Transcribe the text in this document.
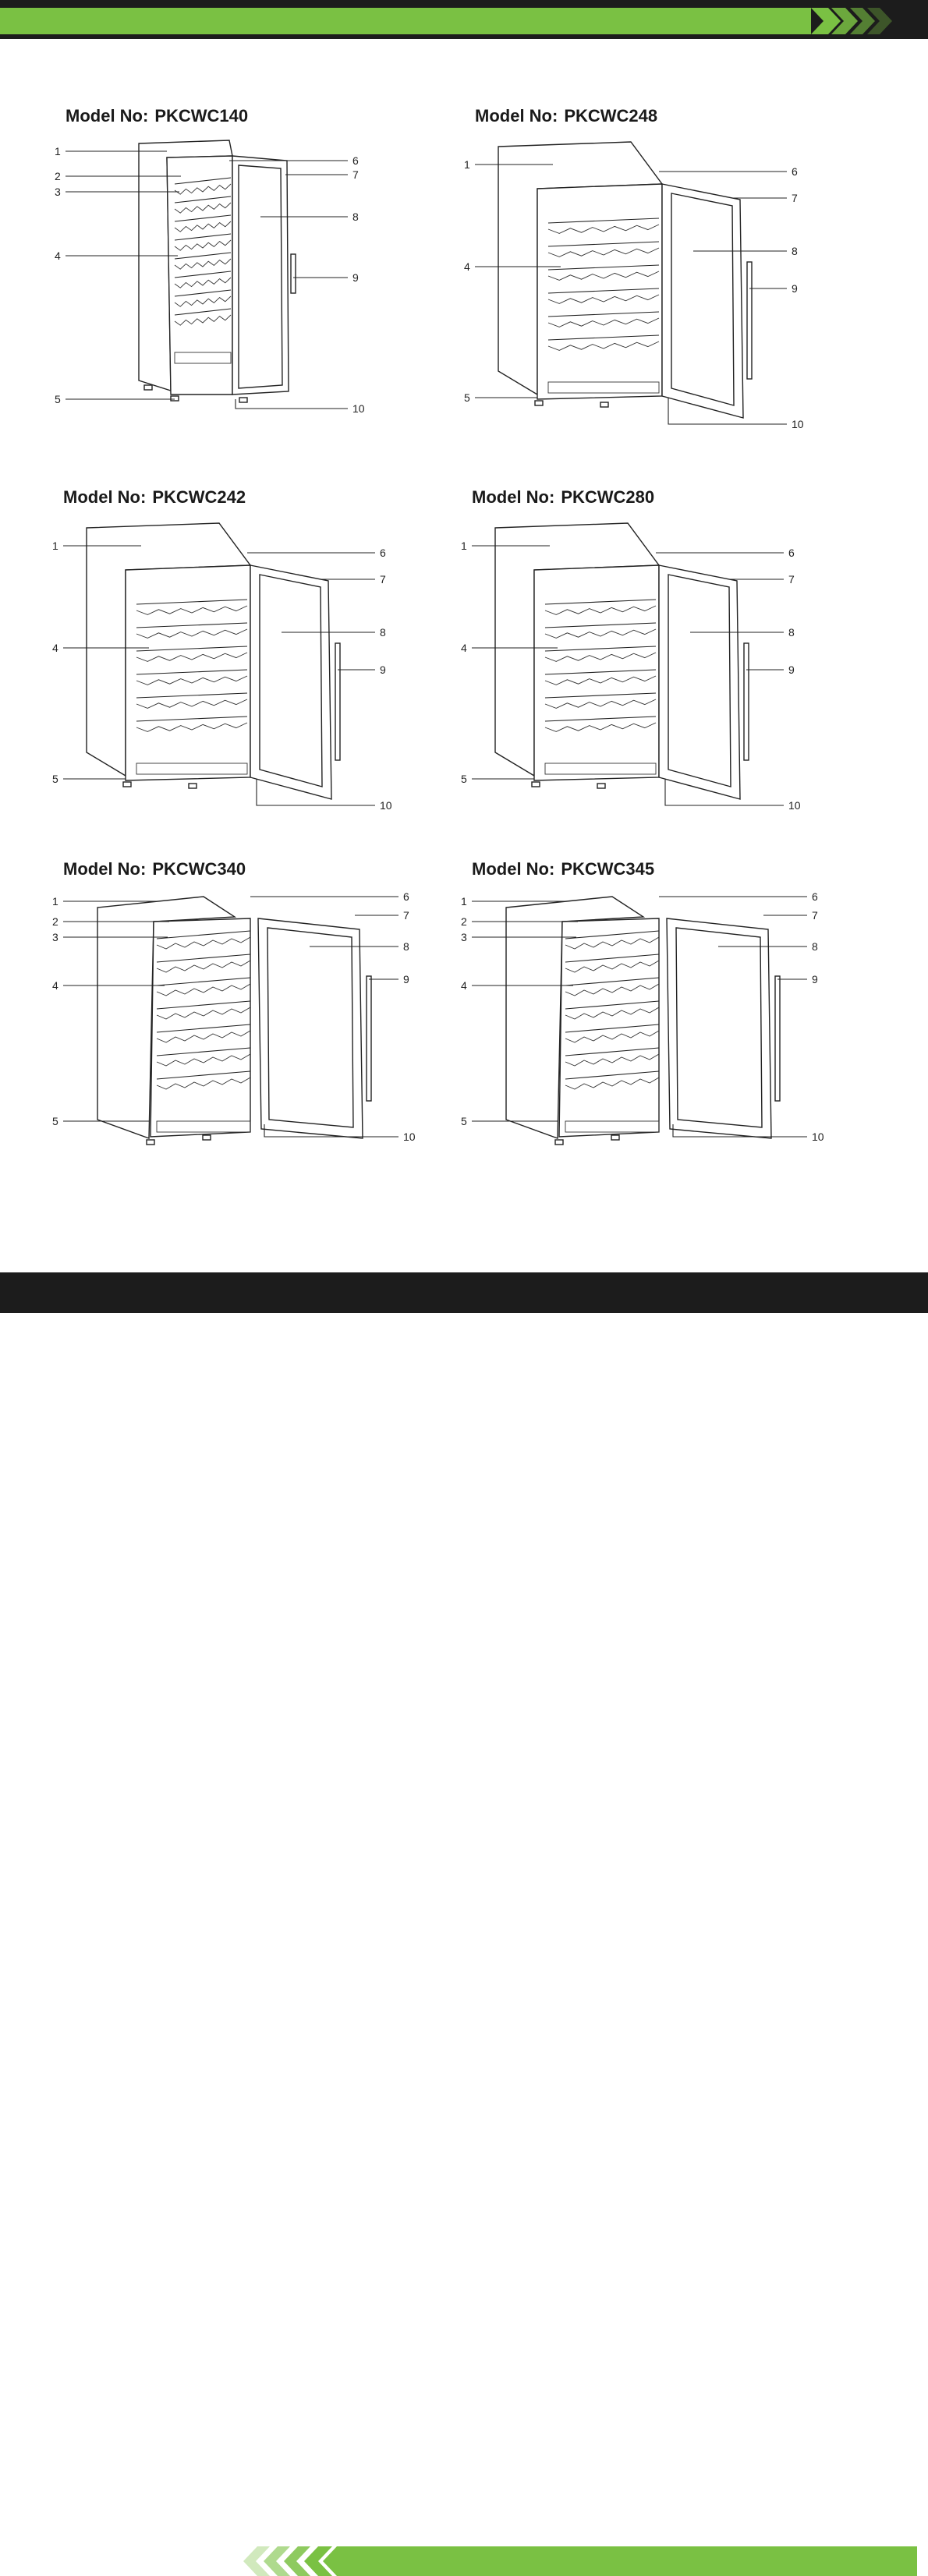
Model No: PKCWC140
1
2
3
4
5
6
7
8
9
10
Model No: PKCWC248
1
4
5
6
7
8
9
10
Model No: PKCWC242
1
4
5
6
7
8
9
10
Model No: PKCWC280
1
4
5
6
7
8
9
10
Model No: PKCWC340
1
2
3
4
5
6
7
8
9
10
Model No: PKCWC345
1
2
3
4
5
6
7
8
9
10
